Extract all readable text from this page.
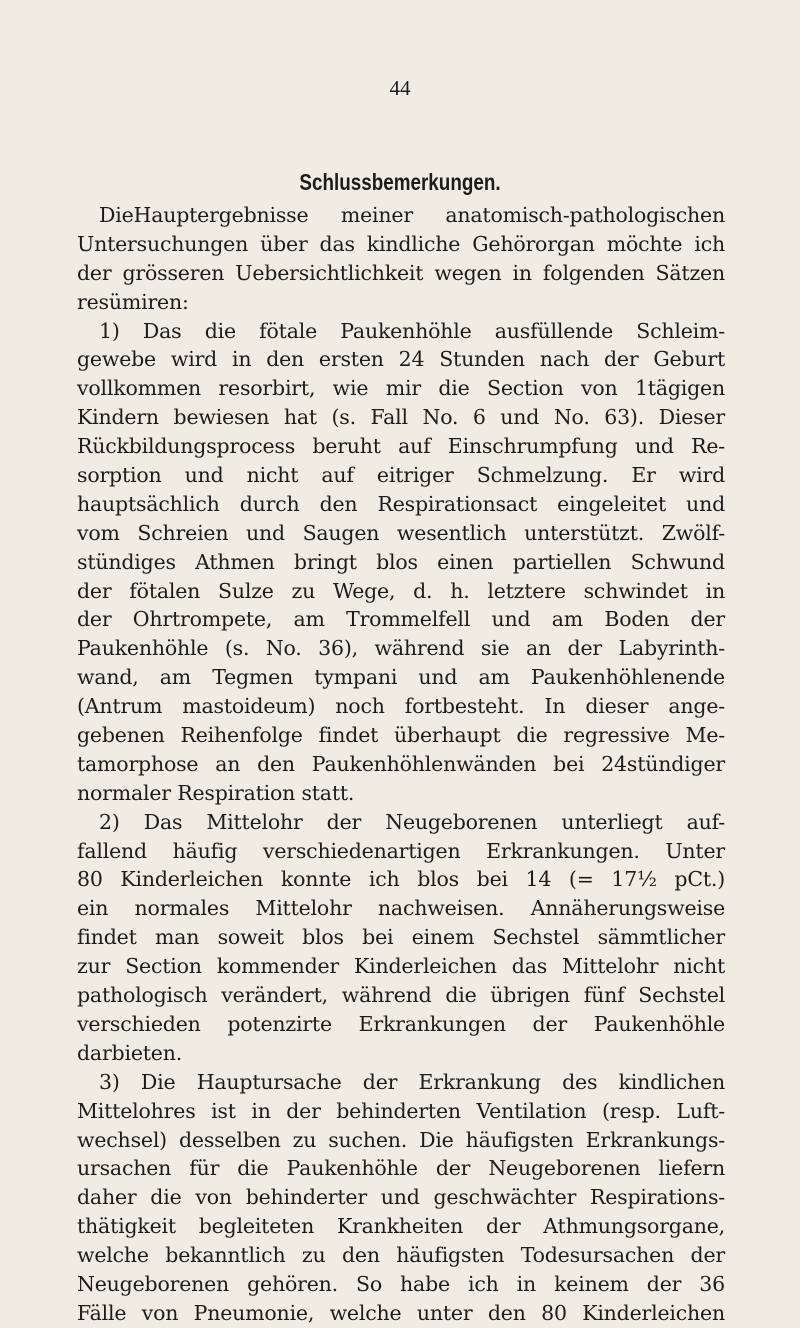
44
Schlussbemerkungen.
DieHauptergebnisse meiner anatomisch-pathologischen
Untersuchungen über das kindliche Gehörorgan möchte ich
der grösseren Uebersichtlichkeit wegen in folgenden Sätzen
resümiren:
1) Das die fötale Paukenhöhle ausfüllende Schleim-
gewebe wird in den ersten 24 Stunden nach der Geburt
vollkommen resorbirt, wie mir die Section von 1tägigen
Kindern bewiesen hat (s. Fall No. 6 und No. 63). Dieser
Rückbildungsprocess beruht auf Einschrumpfung und Re-
sorption und nicht auf eitriger Schmelzung. Er wird
hauptsächlich durch den Respirationsact eingeleitet und
vom Schreien und Saugen wesentlich unterstützt. Zwölf-
stündiges Athmen bringt blos einen partiellen Schwund
der fötalen Sulze zu Wege, d. h. letztere schwindet in
der Ohrtrompete, am Trommelfell und am Boden der
Paukenhöhle (s. No. 36), während sie an der Labyrinth-
wand, am Tegmen tympani und am Paukenhöhlenende
(Antrum mastoideum) noch fortbesteht. In dieser ange-
gebenen Reihenfolge findet überhaupt die regressive Me-
tamorphose an den Paukenhöhlenwänden bei 24stündiger
normaler Respiration statt.
2) Das Mittelohr der Neugeborenen unterliegt auf-
fallend häufig verschiedenartigen Erkrankungen. Unter
80 Kinderleichen konnte ich blos bei 14 (= 17½ pCt.)
ein normales Mittelohr nachweisen. Annäherungsweise
findet man soweit blos bei einem Sechstel sämmtlicher
zur Section kommender Kinderleichen das Mittelohr nicht
pathologisch verändert, während die übrigen fünf Sechstel
verschieden potenzirte Erkrankungen der Paukenhöhle
darbieten.
3) Die Hauptursache der Erkrankung des kindlichen
Mittelohres ist in der behinderten Ventilation (resp. Luft-
wechsel) desselben zu suchen. Die häufigsten Erkrankungs-
ursachen für die Paukenhöhle der Neugeborenen liefern
daher die von behinderter und geschwächter Respirations-
thätigkeit begleiteten Krankheiten der Athmungsorgane,
welche bekanntlich zu den häufigsten Todesursachen der
Neugeborenen gehören. So habe ich in keinem der 36
Fälle von Pneumonie, welche unter den 80 Kinderleichen
